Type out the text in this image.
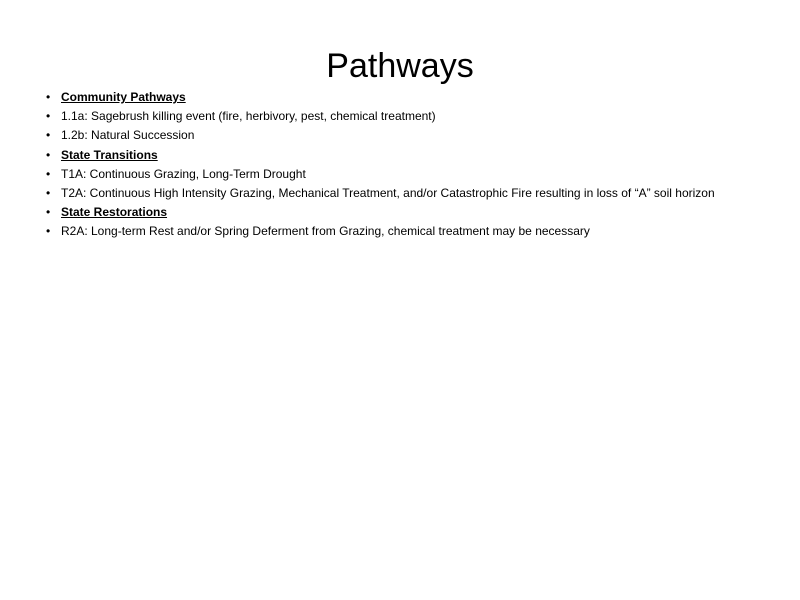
Pathways
• Community Pathways
• 1.1a: Sagebrush killing event (fire, herbivory, pest, chemical treatment)
• 1.2b: Natural Succession
• State Transitions
• T1A: Continuous Grazing, Long-Term Drought
• T2A: Continuous High Intensity Grazing, Mechanical Treatment, and/or Catastrophic Fire resulting in loss of “A” soil horizon
• State Restorations
• R2A: Long-term Rest and/or Spring Deferment from Grazing, chemical treatment may be necessary
